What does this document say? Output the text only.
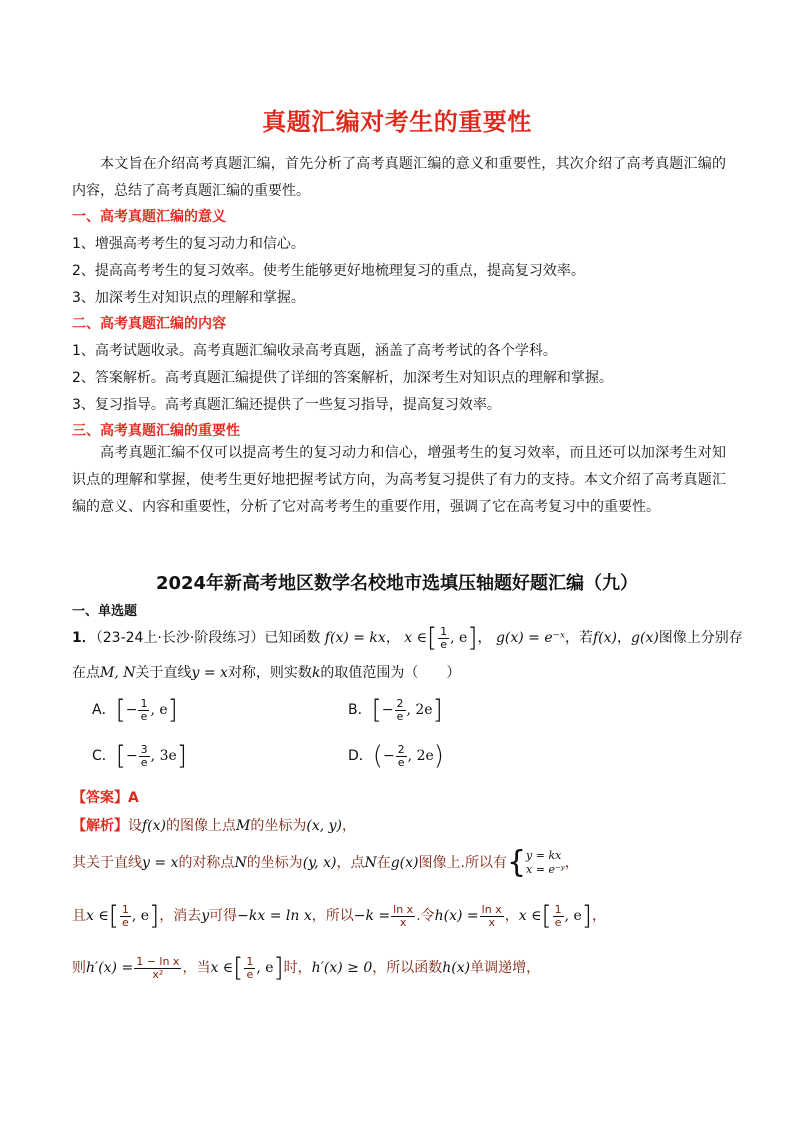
真题汇编对考生的重要性
本文旨在介绍高考真题汇编，首先分析了高考真题汇编的意义和重要性，其次介绍了高考真题汇编的内容，总结了高考真题汇编的重要性。
一、高考真题汇编的意义
1、增强高考考生的复习动力和信心。
2、提高高考考生的复习效率。使考生能够更好地梳理复习的重点，提高复习效率。
3、加深考生对知识点的理解和掌握。
二、高考真题汇编的内容
1、高考试题收录。高考真题汇编收录高考真题，涵盖了高考考试的各个学科。
2、答案解析。高考真题汇编提供了详细的答案解析，加深考生对知识点的理解和掌握。
3、复习指导。高考真题汇编还提供了一些复习指导，提高复习效率。
三、高考真题汇编的重要性
高考真题汇编不仅可以提高考生的复习动力和信心，增强考生的复习效率，而且还可以加深考生对知识点的理解和掌握，使考生更好地把握考试方向，为高考复习提供了有力的支持。本文介绍了高考真题汇编的意义、内容和重要性，分析了它对高考考生的重要作用，强调了它在高考复习中的重要性。
2024年新高考地区数学名校地市选填压轴题好题汇编（九）
一、单选题
1．（23-24上·长沙·阶段练习）已知函数 f(x) = kx， x ∈[ $\frac{1}{e}$ , e]， g(x) = e⁻ˣ，若f(x)，g(x)图像上分别存
在点M, N关于直线y = x对称，则实数k的取值范围为（　　）
A．[− $\frac{1}{e}$ , e]	B．[− $\frac{2}{e}$ , 2e]
C．[− $\frac{3}{e}$ , 3e]	D．(− $\frac{2}{e}$ , 2e)
【答案】A
【解析】设f(x)的图像上点M的坐标为(x, y)，
其关于直线y = x的对称点N的坐标为(y, x)，点N在g(x)图像上.所以有{y = kx
x = e⁻ʸ，
且x ∈[ $\frac{1}{e}$ , e]，消去y可得−kx = ln x，所以$-k = \frac{\text{ln x}}{x}$ .令$h(x) = \frac{\text{ln x}}{x}$ ，x ∈[ $\frac{1}{e}$ , e]，
则$h'(x) = \frac{\text{1 − ln x}}{\text{x²}}$ ，当x ∈[ $\frac{1}{e}$ , e]时，h′(x) ≥ 0，所以函数h(x)单调递增，
